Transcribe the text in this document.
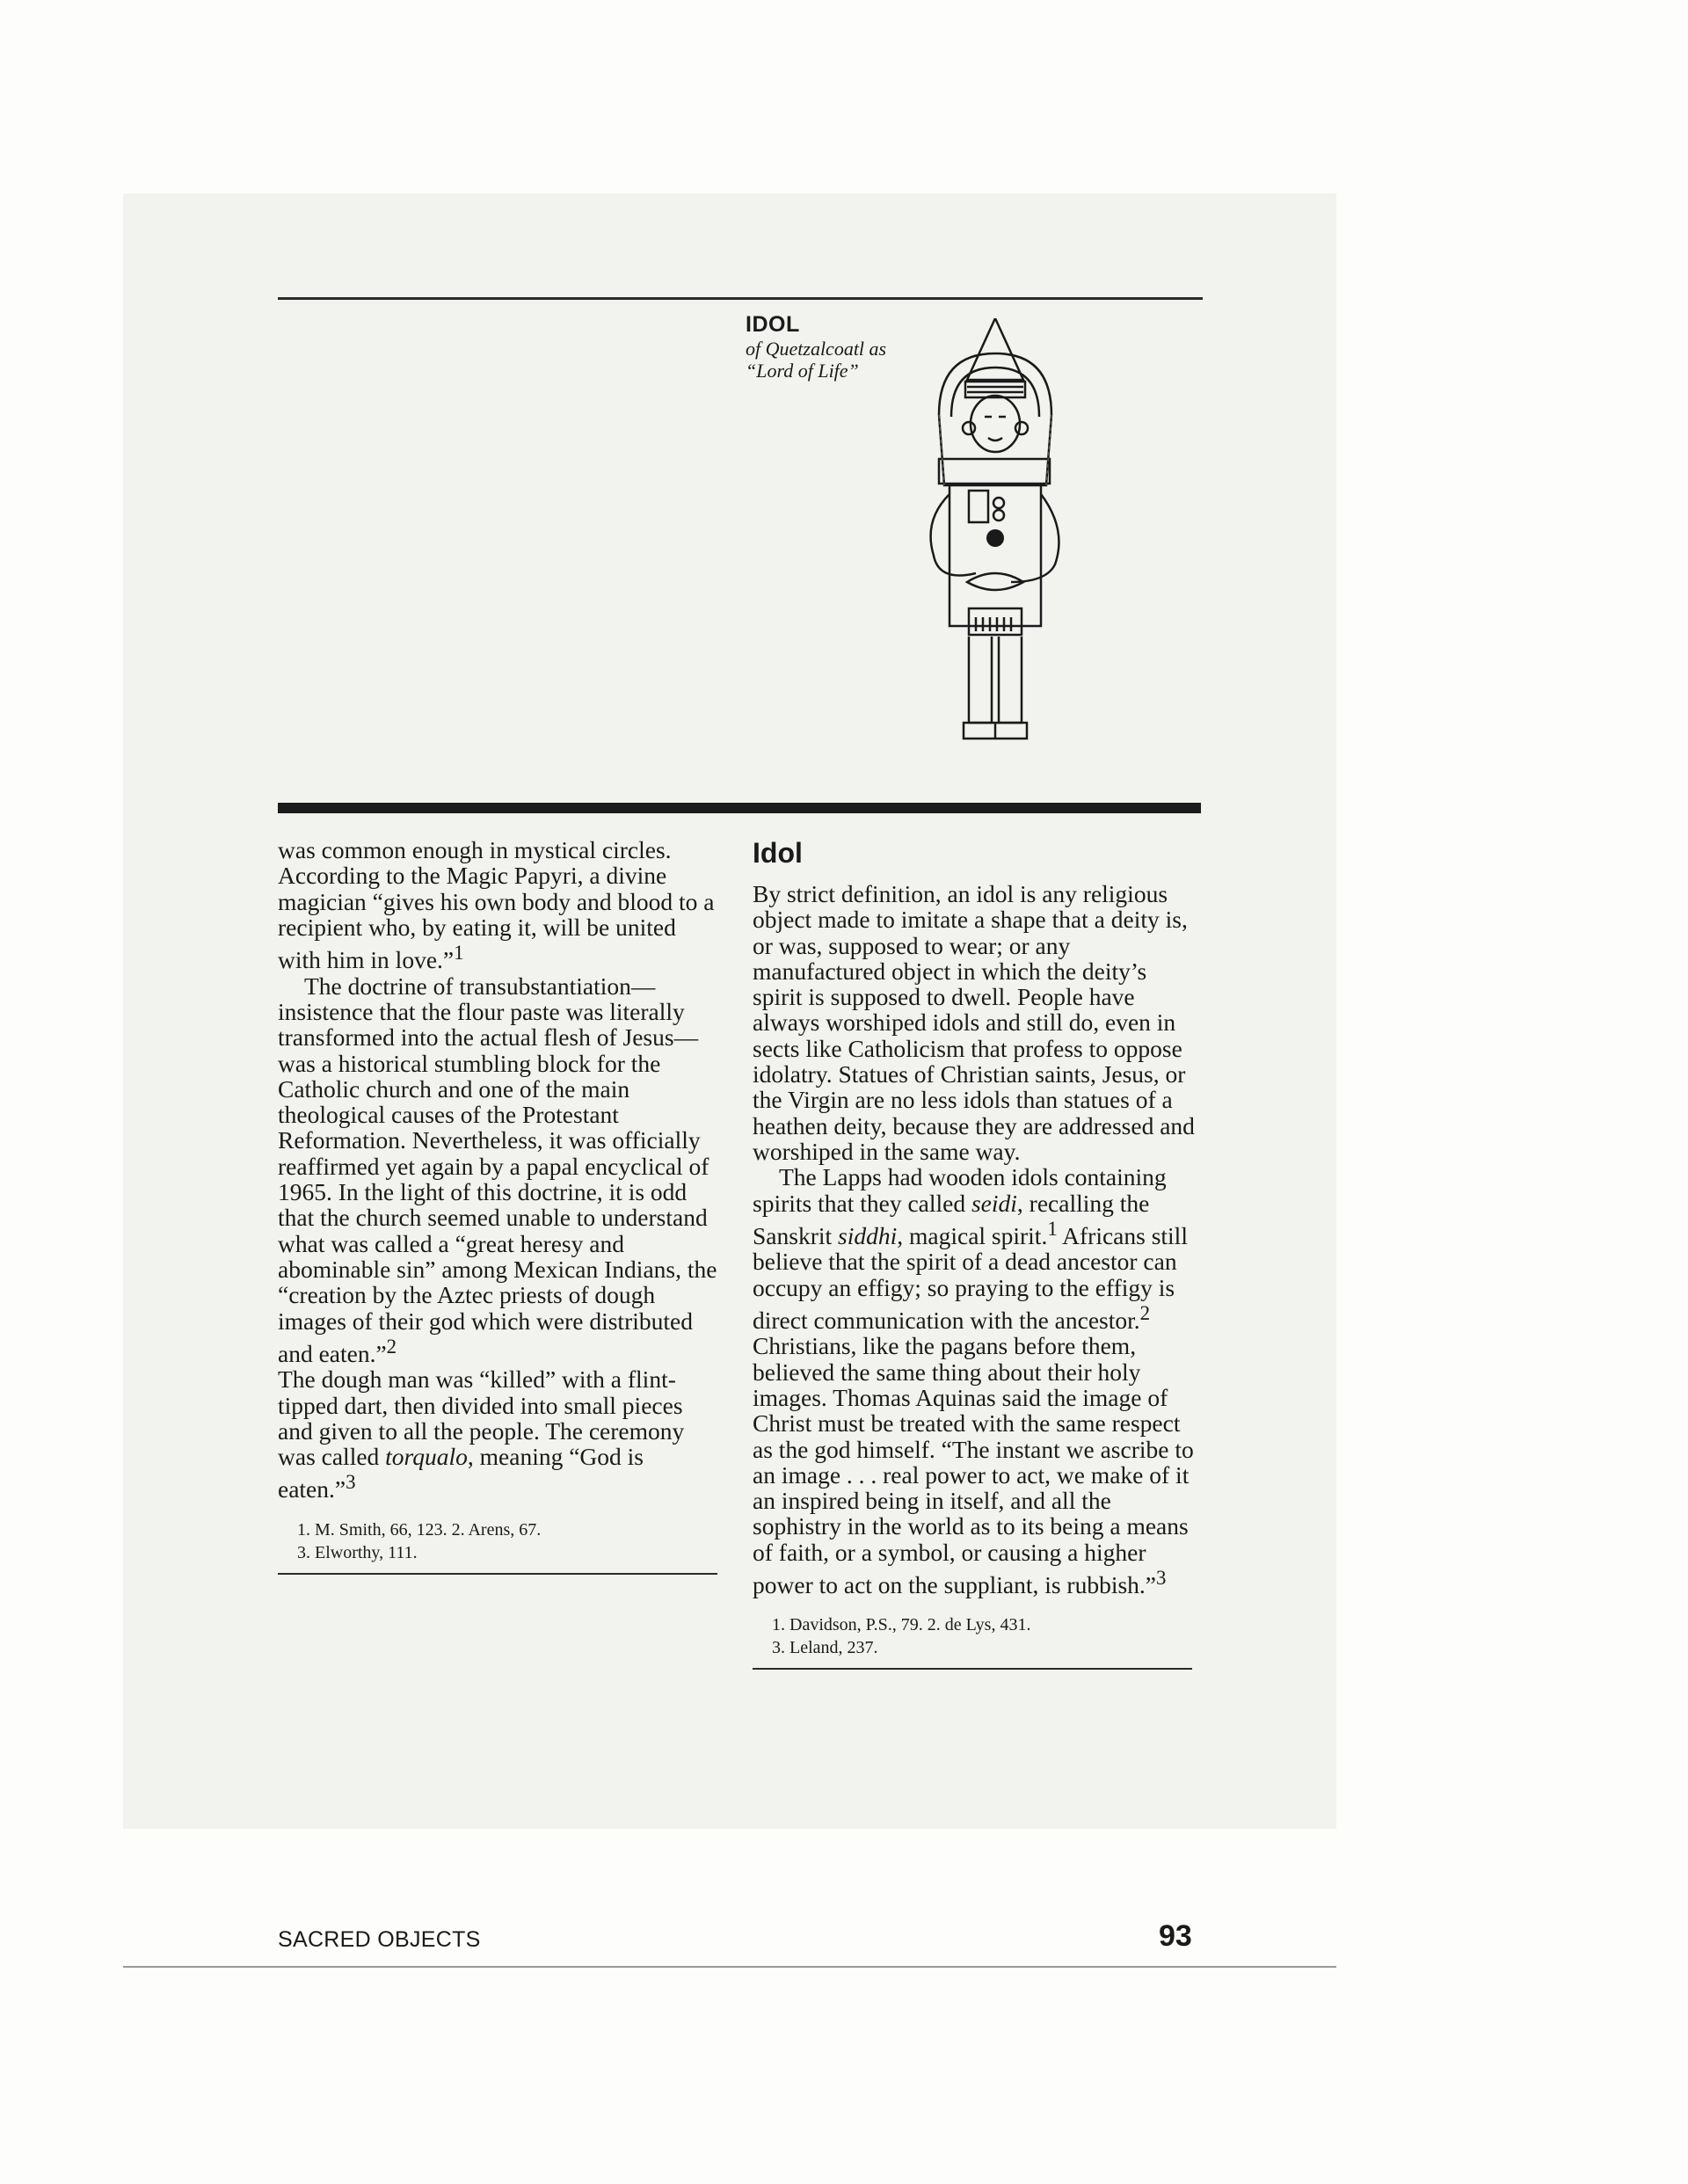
IDOL
of Quetzalcoatl as
“Lord of Life”

was common enough in mystical circles. According to the Magic Papyri, a divine magician “gives his own body and blood to a recipient who, by eating it, will be united with him in love.”$^1$

The doctrine of transubstantiation—insistence that the flour paste was literally transformed into the actual flesh of Jesus—was a historical stumbling block for the Catholic church and one of the main theological causes of the Protestant Reformation. Nevertheless, it was officially reaffirmed yet again by a papal encyclical of 1965. In the light of this doctrine, it is odd that the church seemed unable to understand what was called a “great heresy and abominable sin” among Mexican Indians, the “creation by the Aztec priests of dough images of their god which were distributed and eaten.”$^2$

The dough man was “killed” with a flint-tipped dart, then divided into small pieces and given to all the people. The ceremony was called torqualo, meaning “God is eaten.”$^3$

1. M. Smith, 66, 123. 2. Arens, 67.
3. Elworthy, 111.
Idol

By strict definition, an idol is any religious object made to imitate a shape that a deity is, or was, supposed to wear; or any manufactured object in which the deity’s spirit is supposed to dwell. People have always worshiped idols and still do, even in sects like Catholicism that profess to oppose idolatry. Statues of Christian saints, Jesus, or the Virgin are no less idols than statues of a heathen deity, because they are addressed and worshiped in the same way.

The Lapps had wooden idols containing spirits that they called seidi, recalling the Sanskrit siddhi, magical spirit.$^1$ Africans still believe that the spirit of a dead ancestor can occupy an effigy; so praying to the effigy is direct communication with the ancestor.$^2$ Christians, like the pagans before them, believed the same thing about their holy images. Thomas Aquinas said the image of Christ must be treated with the same respect as the god himself. “The instant we ascribe to an image . . . real power to act, we make of it an inspired being in itself, and all the sophistry in the world as to its being a means of faith, or a symbol, or causing a higher power to act on the suppliant, is rubbish.”$^3$

1. Davidson, P.S., 79. 2. de Lys, 431.
3. Leland, 237.
SACRED OBJECTS	93
